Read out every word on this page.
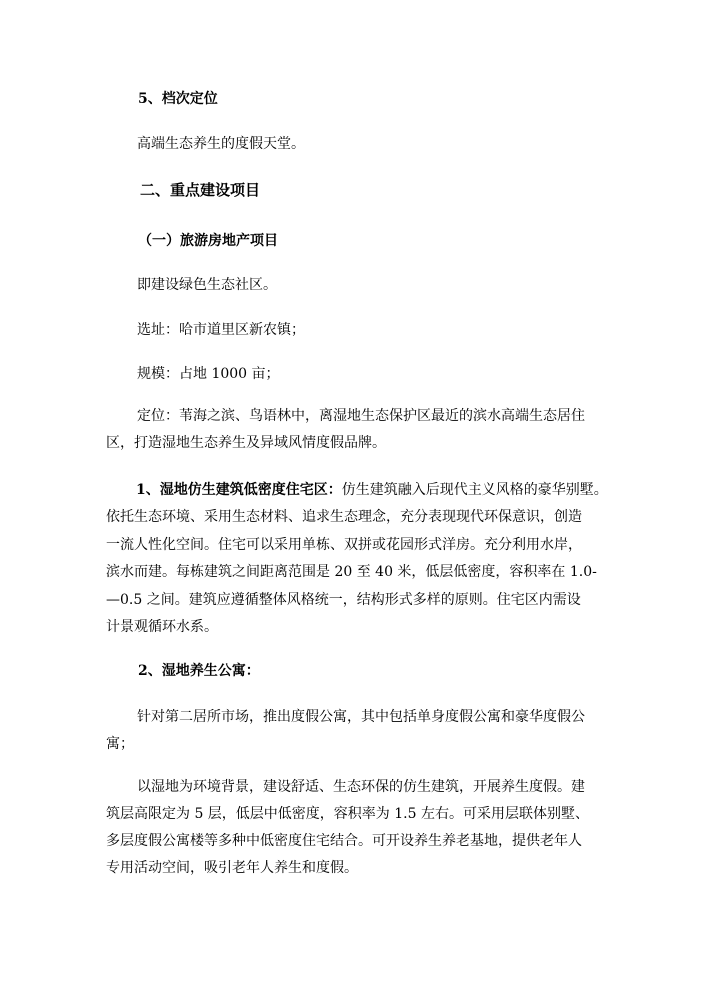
5、档次定位
高端生态养生的度假天堂。
二、重点建设项目
（一）旅游房地产项目
即建设绿色生态社区。
选址：哈市道里区新农镇；
规模：占地 1000 亩；
定位：苇海之滨、鸟语林中，离湿地生态保护区最近的滨水高端生态居住
区，打造湿地生态养生及异域风情度假品牌。
1、湿地仿生建筑低密度住宅区：仿生建筑融入后现代主义风格的豪华别墅。
依托生态环境、采用生态材料、追求生态理念，充分表现现代环保意识，创造
一流人性化空间。住宅可以采用单栋、双拼或花园形式洋房。充分利用水岸，
滨水而建。每栋建筑之间距离范围是 20 至 40 米，低层低密度，容积率在 1.0-
—0.5 之间。建筑应遵循整体风格统一，结构形式多样的原则。住宅区内需设
计景观循环水系。
2、湿地养生公寓：
针对第二居所市场，推出度假公寓，其中包括单身度假公寓和豪华度假公
寓；
以湿地为环境背景，建设舒适、生态环保的仿生建筑，开展养生度假。建
筑层高限定为 5 层，低层中低密度，容积率为 1.5 左右。可采用层联体别墅、
多层度假公寓楼等多种中低密度住宅结合。可开设养生养老基地，提供老年人
专用活动空间，吸引老年人养生和度假。
